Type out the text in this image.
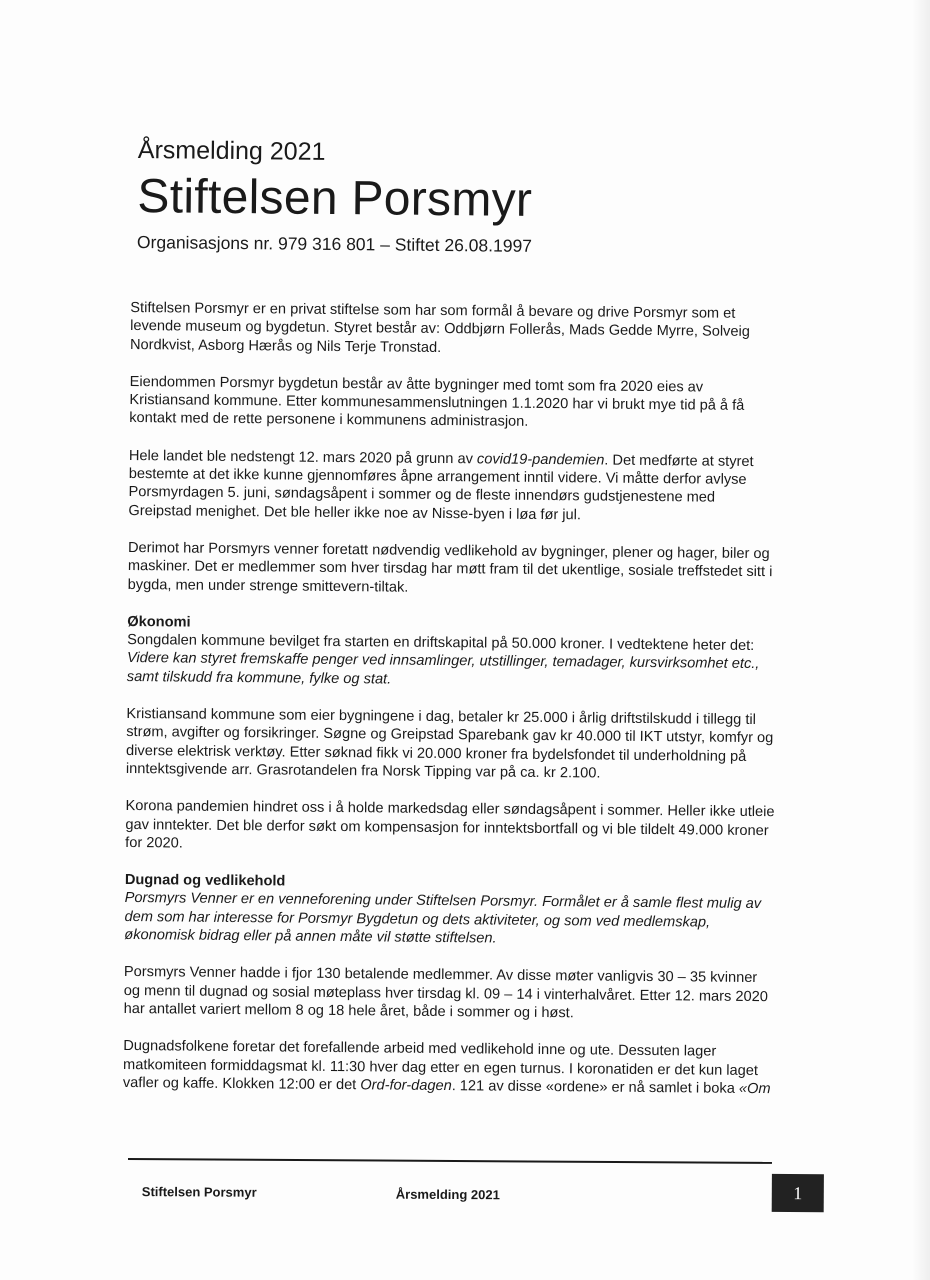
Årsmelding 2021
Stiftelsen Porsmyr
Organisasjons nr. 979 316 801 – Stiftet 26.08.1997

Stiftelsen Porsmyr er en privat stiftelse som har som formål å bevare og drive Porsmyr som et levende museum og bygdetun. Styret består av: Oddbjørn Follerås, Mads Gedde Myrre, Solveig Nordkvist, Asborg Hærås og Nils Terje Tronstad.

Eiendommen Porsmyr bygdetun består av åtte bygninger med tomt som fra 2020 eies av Kristiansand kommune. Etter kommunesammenslutningen 1.1.2020 har vi brukt mye tid på å få kontakt med de rette personene i kommunens administrasjon.

Hele landet ble nedstengt 12. mars 2020 på grunn av covid19-pandemien. Det medførte at styret bestemte at det ikke kunne gjennomføres åpne arrangement inntil videre. Vi måtte derfor avlyse Porsmyrdagen 5. juni, søndagsåpent i sommer og de fleste innendørs gudstjenestene med Greipstad menighet. Det ble heller ikke noe av Nisse-byen i løa før jul.

Derimot har Porsmyrs venner foretatt nødvendig vedlikehold av bygninger, plener og hager, biler og maskiner. Det er medlemmer som hver tirsdag har møtt fram til det ukentlige, sosiale treffstedet sitt i bygda, men under strenge smittevern-tiltak.

Økonomi

Songdalen kommune bevilget fra starten en driftskapital på 50.000 kroner. I vedtektene heter det:
Videre kan styret fremskaffe penger ved innsamlinger, utstillinger, temadager, kursvirksomhet etc., samt tilskudd fra kommune, fylke og stat.

Kristiansand kommune som eier bygningene i dag, betaler kr 25.000 i årlig driftstilskudd i tillegg til strøm, avgifter og forsikringer. Søgne og Greipstad Sparebank gav kr 40.000 til IKT utstyr, komfyr og diverse elektrisk verktøy. Etter søknad fikk vi 20.000 kroner fra bydelsfondet til underholdning på inntektsgivende arr. Grasrotandelen fra Norsk Tipping var på ca. kr 2.100.

Korona pandemien hindret oss i å holde markedsdag eller søndagsåpent i sommer. Heller ikke utleie gav inntekter. Det ble derfor søkt om kompensasjon for inntektsbortfall og vi ble tildelt 49.000 kroner for 2020.

Dugnad og vedlikehold

Porsmyrs Venner er en venneforening under Stiftelsen Porsmyr. Formålet er å samle flest mulig av dem som har interesse for Porsmyr Bygdetun og dets aktiviteter, og som ved medlemskap, økonomisk bidrag eller på annen måte vil støtte stiftelsen.

Porsmyrs Venner hadde i fjor 130 betalende medlemmer. Av disse møter vanligvis 30 – 35 kvinner og menn til dugnad og sosial møteplass hver tirsdag kl. 09 – 14 i vinterhalvåret. Etter 12. mars 2020 har antallet variert mellom 8 og 18 hele året, både i sommer og i høst.

Dugnadsfolkene foretar det forefallende arbeid med vedlikehold inne og ute. Dessuten lager matkomiteen formiddagsmat kl. 11:30 hver dag etter en egen turnus. I koronatiden er det kun laget vafler og kaffe. Klokken 12:00 er det Ord-for-dagen. 121 av disse «ordene» er nå samlet i boka «Om

Stiftelsen Porsmyr	Årsmelding 2021	1
